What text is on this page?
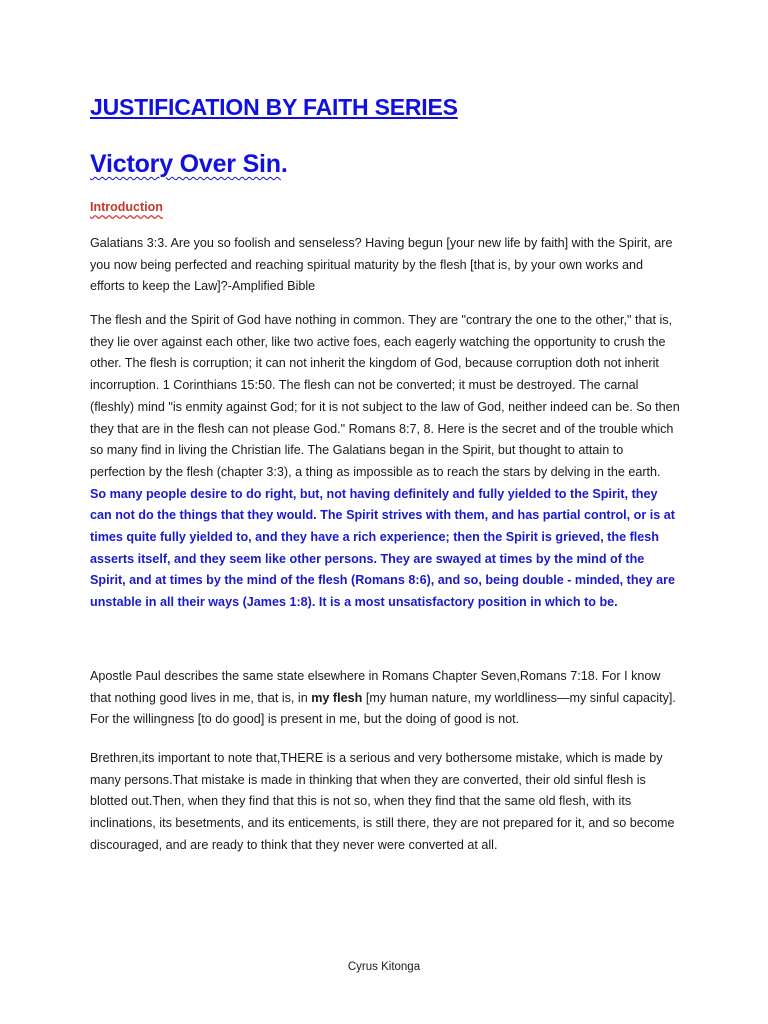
JUSTIFICATION BY FAITH SERIES
Victory Over Sin.
Introduction

Galatians 3:3. Are you so foolish and senseless? Having begun [your new life by faith] with the Spirit, are you now being perfected and reaching spiritual maturity by the flesh [that is, by your own works and efforts to keep the Law]?-Amplified Bible

The flesh and the Spirit of God have nothing in common. They are "contrary the one to the other," that is, they lie over against each other, like two active foes, each eagerly watching the opportunity to crush the other. The flesh is corruption; it can not inherit the kingdom of God, because corruption doth not inherit incorruption. 1 Corinthians 15:50. The flesh can not be converted; it must be destroyed. The carnal (fleshly) mind "is enmity against God; for it is not subject to the law of God, neither indeed can be. So then they that are in the flesh can not please God." Romans 8:7, 8. Here is the secret and of the trouble which so many find in living the Christian life. The Galatians began in the Spirit, but thought to attain to perfection by the flesh (chapter 3:3), a thing as impossible as to reach the stars by delving in the earth. So many people desire to do right, but, not having definitely and fully yielded to the Spirit, they can not do the things that they would. The Spirit strives with them, and has partial control, or is at times quite fully yielded to, and they have a rich experience; then the Spirit is grieved, the flesh asserts itself, and they seem like other persons. They are swayed at times by the mind of the Spirit, and at times by the mind of the flesh (Romans 8:6), and so, being double - minded, they are unstable in all their ways (James 1:8). It is a most unsatisfactory position in which to be.

Apostle Paul describes the same state elsewhere in Romans Chapter Seven,Romans 7:18. For I know that nothing good lives in me, that is, in my flesh [my human nature, my worldliness—my sinful capacity]. For the willingness [to do good] is present in me, but the doing of good is not.

Brethren,its important to note that,THERE is a serious and very bothersome mistake, which is made by many persons.That mistake is made in thinking that when they are converted, their old sinful flesh is blotted out.Then, when they find that this is not so, when they find that the same old flesh, with its inclinations, its besetments, and its enticements, is still there, they are not prepared for it, and so become discouraged, and are ready to think that they never were converted at all.

Cyrus Kitonga
